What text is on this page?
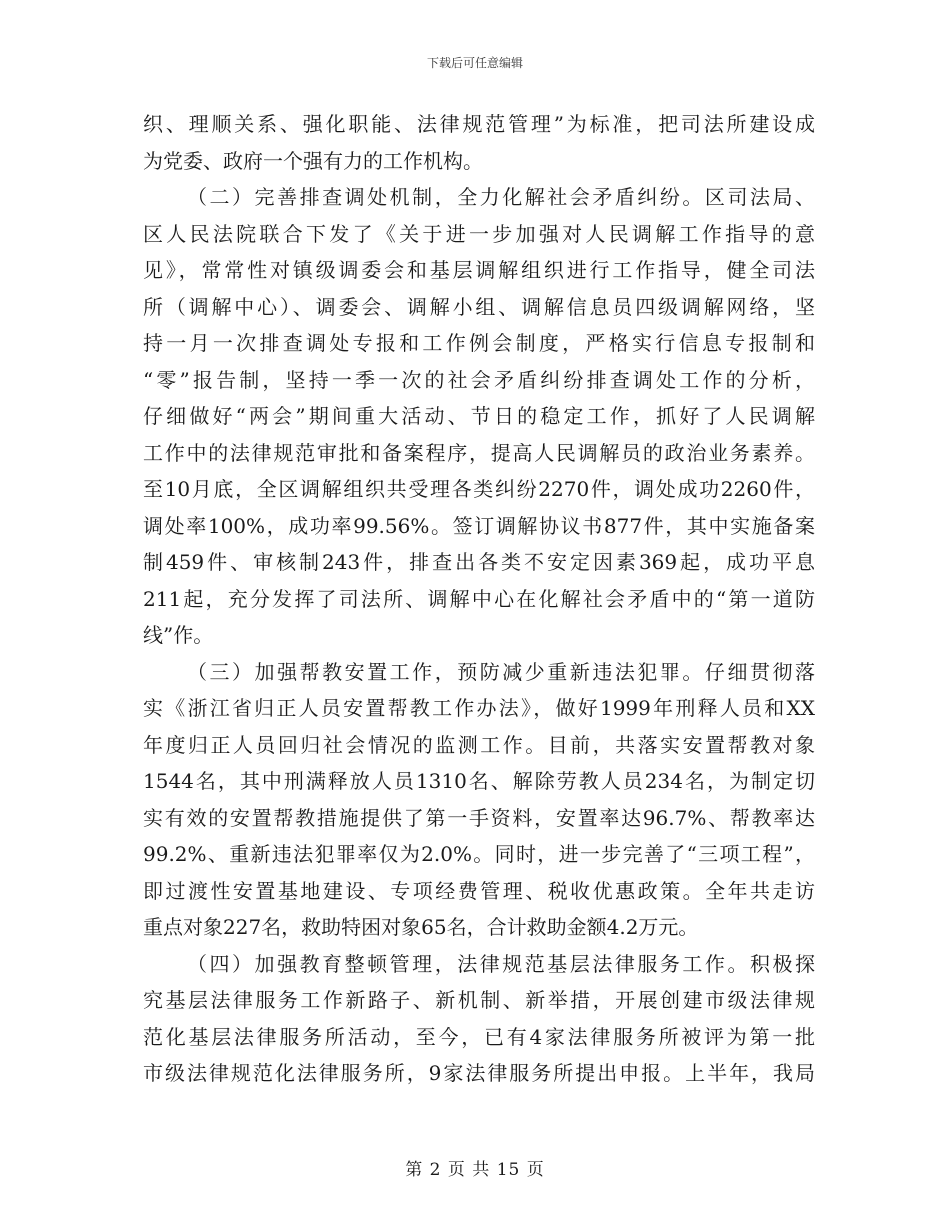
下载后可任意编辑
织、理顺关系、强化职能、法律规范管理”为标准，把司法所建设成
为党委、政府一个强有力的工作机构。
（二）完善排查调处机制，全力化解社会矛盾纠纷。区司法局、
区人民法院联合下发了《关于进一步加强对人民调解工作指导的意
见》，常常性对镇级调委会和基层调解组织进行工作指导，健全司法
所（调解中心）、调委会、调解小组、调解信息员四级调解网络，坚
持一月一次排查调处专报和工作例会制度，严格实行信息专报制和
“零”报告制，坚持一季一次的社会矛盾纠纷排查调处工作的分析，
仔细做好“两会”期间重大活动、节日的稳定工作，抓好了人民调解
工作中的法律规范审批和备案程序，提高人民调解员的政治业务素养。
至10月底，全区调解组织共受理各类纠纷2270件，调处成功2260件，
调处率100%，成功率99.56%。签订调解协议书877件，其中实施备案
制459件、审核制243件，排查出各类不安定因素369起，成功平息
211起，充分发挥了司法所、调解中心在化解社会矛盾中的“第一道防
线”作。
（三）加强帮教安置工作，预防减少重新违法犯罪。仔细贯彻落
实《浙江省归正人员安置帮教工作办法》，做好1999年刑释人员和XX
年度归正人员回归社会情况的监测工作。目前，共落实安置帮教对象
1544名，其中刑满释放人员1310名、解除劳教人员234名，为制定切
实有效的安置帮教措施提供了第一手资料，安置率达96.7%、帮教率达
99.2%、重新违法犯罪率仅为2.0%。同时，进一步完善了“三项工程”，
即过渡性安置基地建设、专项经费管理、税收优惠政策。全年共走访
重点对象227名，救助特困对象65名，合计救助金额4.2万元。
（四）加强教育整顿管理，法律规范基层法律服务工作。积极探
究基层法律服务工作新路子、新机制、新举措，开展创建市级法律规
范化基层法律服务所活动，至今，已有4家法律服务所被评为第一批
市级法律规范化法律服务所，9家法律服务所提出申报。上半年，我局
第 2 页 共 15 页
